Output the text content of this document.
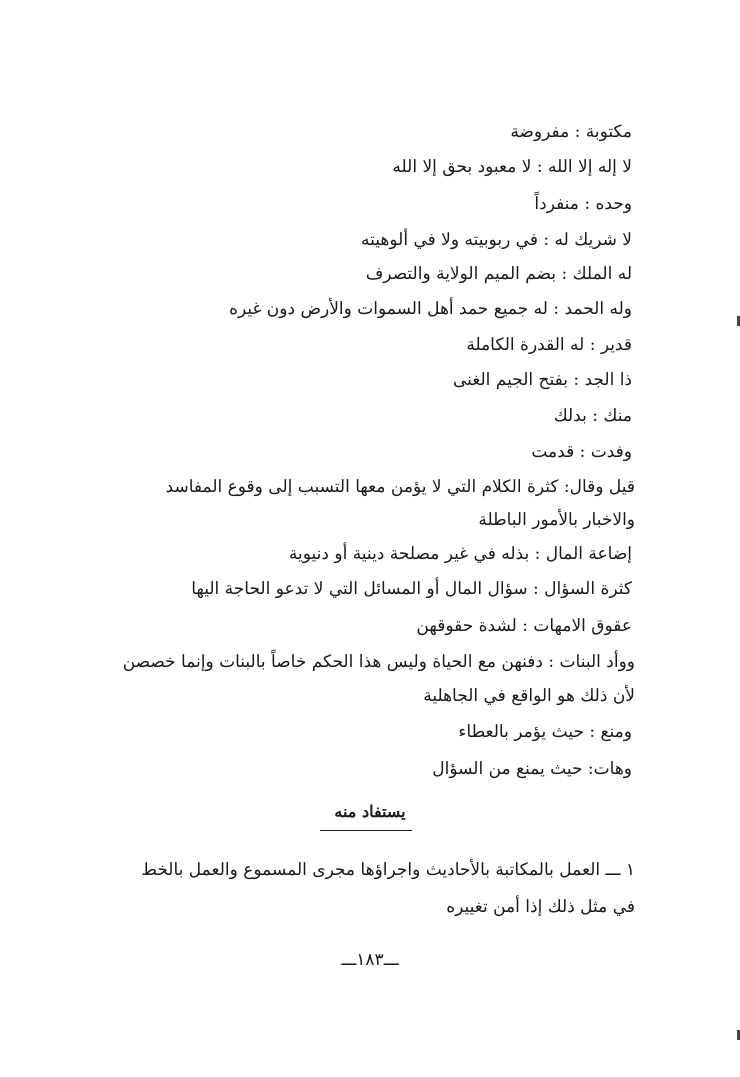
مكتوبة : مفروضة
لا إله إلا الله : لا معبود بحق إلا الله
وحده : منفرداً
لا شريك له : في ربوبيته ولا في ألوهيته
له الملك : بضم الميم الولاية والتصرف
وله الحمد : له جميع حمد أهل السموات والأرض دون غيره
قدير : له القدرة الكاملة
ذا الجد : بفتح الجيم الغنى
منك : بدلك
وفدت : قدمت
قيل وقال: كثرة الكلام التي لا يؤمن معها التسبب إلى وقوع المفاسد
والاخبار بالأمور الباطلة
إضاعة المال : بذله في غير مصلحة دينية أو دنيوية
كثرة السؤال : سؤال المال أو المسائل التي لا تدعو الحاجة اليها
عقوق الامهات : لشدة حقوقهن
ووأد البنات : دفنهن مع الحياة وليس هذا الحكم خاصاً بالبنات وإنما خصصن
لأن ذلك هو الواقع في الجاهلية
ومنع : حيث يؤمر بالعطاء
وهات: حيث يمنع من السؤال
يستفاد منه
١ ـــ العمل بالمكاتبة بالأحاديث واجراؤها مجرى المسموع والعمل بالخط
في مثل ذلك إذا أمن تغييره
ـــ١٨٣ـــ
